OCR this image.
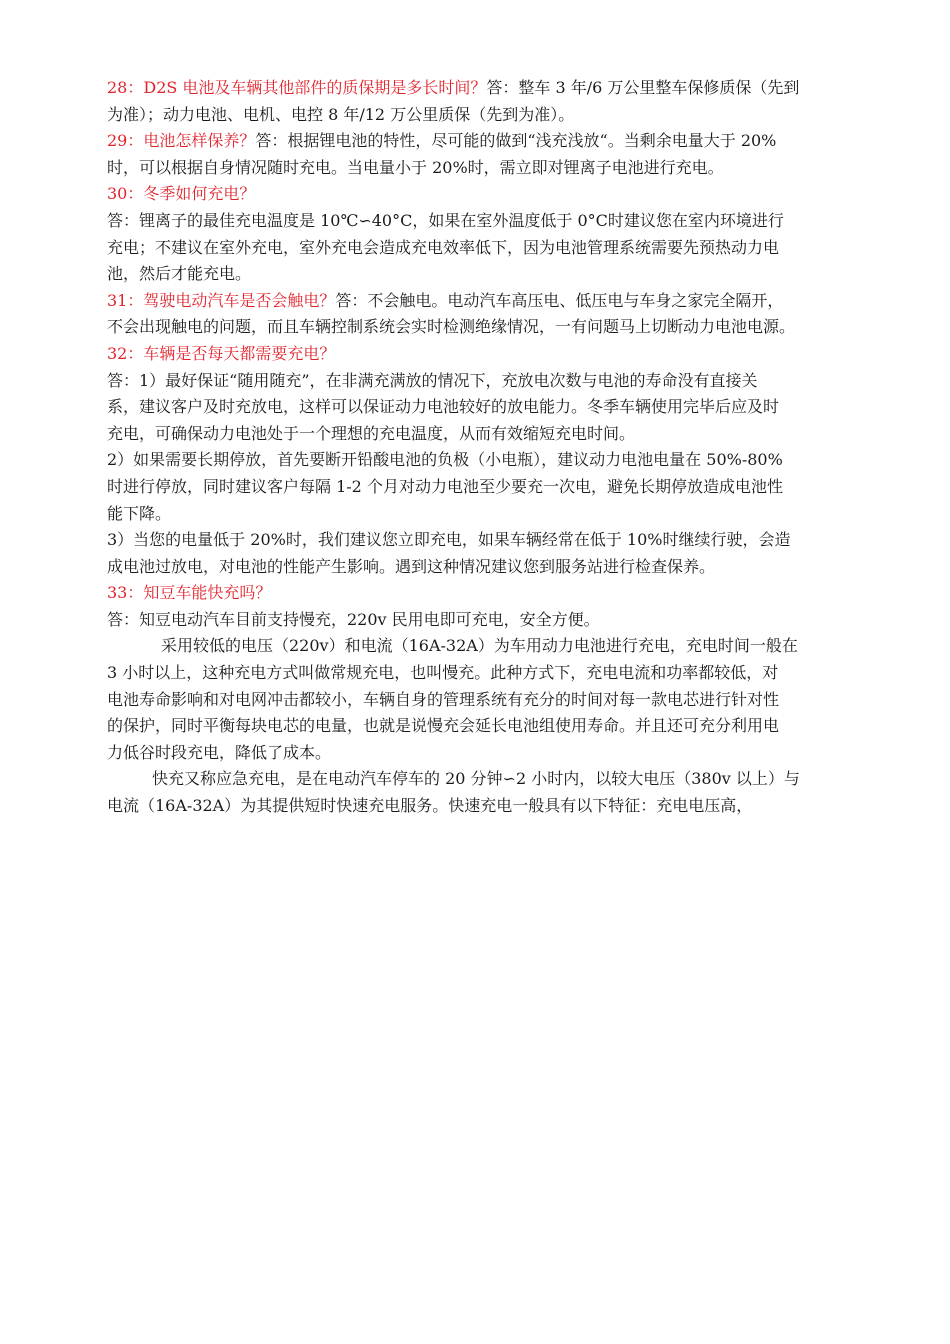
28：D2S 电池及车辆其他部件的质保期是多长时间？答：整车 3 年/6 万公里整车保修质保（先到
为准）；动力电池、电机、电控 8 年/12 万公里质保（先到为准）。
29：电池怎样保养？答：根据锂电池的特性，尽可能的做到“浅充浅放“。当剩余电量大于 20%
时，可以根据自身情况随时充电。当电量小于 20%时，需立即对锂离子电池进行充电。
30：冬季如何充电？
答：锂离子的最佳充电温度是 10℃∽40°C，如果在室外温度低于 0°C时建议您在室内环境进行
充电；不建议在室外充电，室外充电会造成充电效率低下，因为电池管理系统需要先预热动力电
池，然后才能充电。
31：驾驶电动汽车是否会触电？答：不会触电。电动汽车高压电、低压电与车身之家完全隔开，
不会出现触电的问题，而且车辆控制系统会实时检测绝缘情况，一有问题马上切断动力电池电源。
32：车辆是否每天都需要充电？
答：1）最好保证“随用随充”，在非满充满放的情况下，充放电次数与电池的寿命没有直接关
系，建议客户及时充放电，这样可以保证动力电池较好的放电能力。冬季车辆使用完毕后应及时
充电，可确保动力电池处于一个理想的充电温度，从而有效缩短充电时间。
2）如果需要长期停放，首先要断开铅酸电池的负极（小电瓶），建议动力电池电量在 50%-80%
时进行停放，同时建议客户每隔 1-2 个月对动力电池至少要充一次电，避免长期停放造成电池性
能下降。
3）当您的电量低于 20%时，我们建议您立即充电，如果车辆经常在低于 10%时继续行驶，会造
成电池过放电，对电池的性能产生影响。遇到这种情况建议您到服务站进行检查保养。
33：知豆车能快充吗？
答：知豆电动汽车目前支持慢充，220v 民用电即可充电，安全方便。
采用较低的电压（220v）和电流（16A-32A）为车用动力电池进行充电，充电时间一般在
3 小时以上，这种充电方式叫做常规充电，也叫慢充。此种方式下，充电电流和功率都较低，对
电池寿命影响和对电网冲击都较小，车辆自身的管理系统有充分的时间对每一款电芯进行针对性
的保护，同时平衡每块电芯的电量，也就是说慢充会延长电池组使用寿命。并且还可充分利用电
力低谷时段充电，降低了成本。
快充又称应急充电，是在电动汽车停车的 20 分钟∽2 小时内，以较大电压（380v 以上）与
电流（16A-32A）为其提供短时快速充电服务。快速充电一般具有以下特征：充电电压高，
